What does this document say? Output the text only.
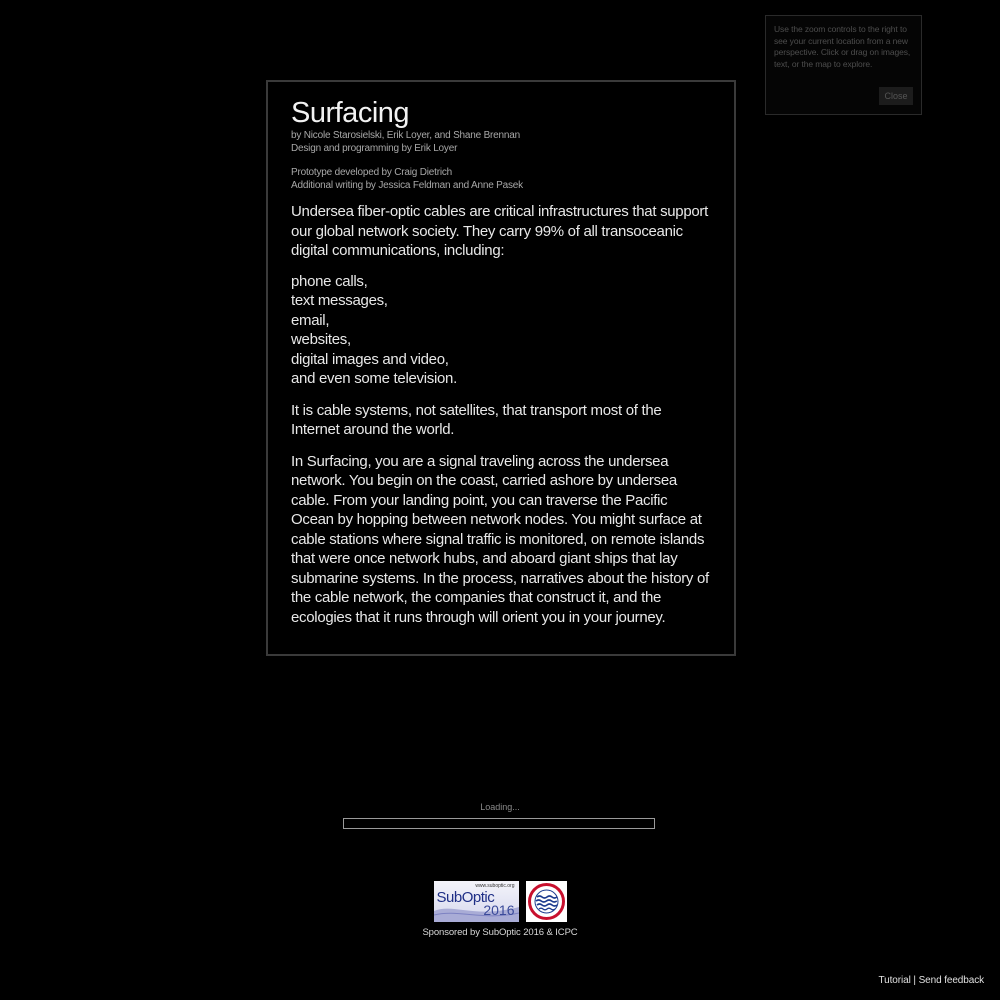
Use the zoom controls to the right to see your current location from a new perspective. Click or drag on images, text, or the map to explore.
Close
Surfacing
by Nicole Starosielski, Erik Loyer, and Shane Brennan
Design and programming by Erik Loyer
Prototype developed by Craig Dietrich
Additional writing by Jessica Feldman and Anne Pasek

Undersea fiber-optic cables are critical infrastructures that support our global network society. They carry 99% of all transoceanic digital communications, including:

phone calls,
text messages,
email,
websites,
digital images and video,
and even some television.

It is cable systems, not satellites, that transport most of the Internet around the world.

In Surfacing, you are a signal traveling across the undersea network. You begin on the coast, carried ashore by undersea cable. From your landing point, you can traverse the Pacific Ocean by hopping between network nodes. You might surface at cable stations where signal traffic is monitored, on remote islands that were once network hubs, and aboard giant ships that lay submarine systems. In the process, narratives about the history of the cable network, the companies that construct it, and the ecologies that it runs through will orient you in your journey.

Loading...
www.suboptic.org
SubOptic
2016
Sponsored by SubOptic 2016 & ICPC
Tutorial | Send feedback
